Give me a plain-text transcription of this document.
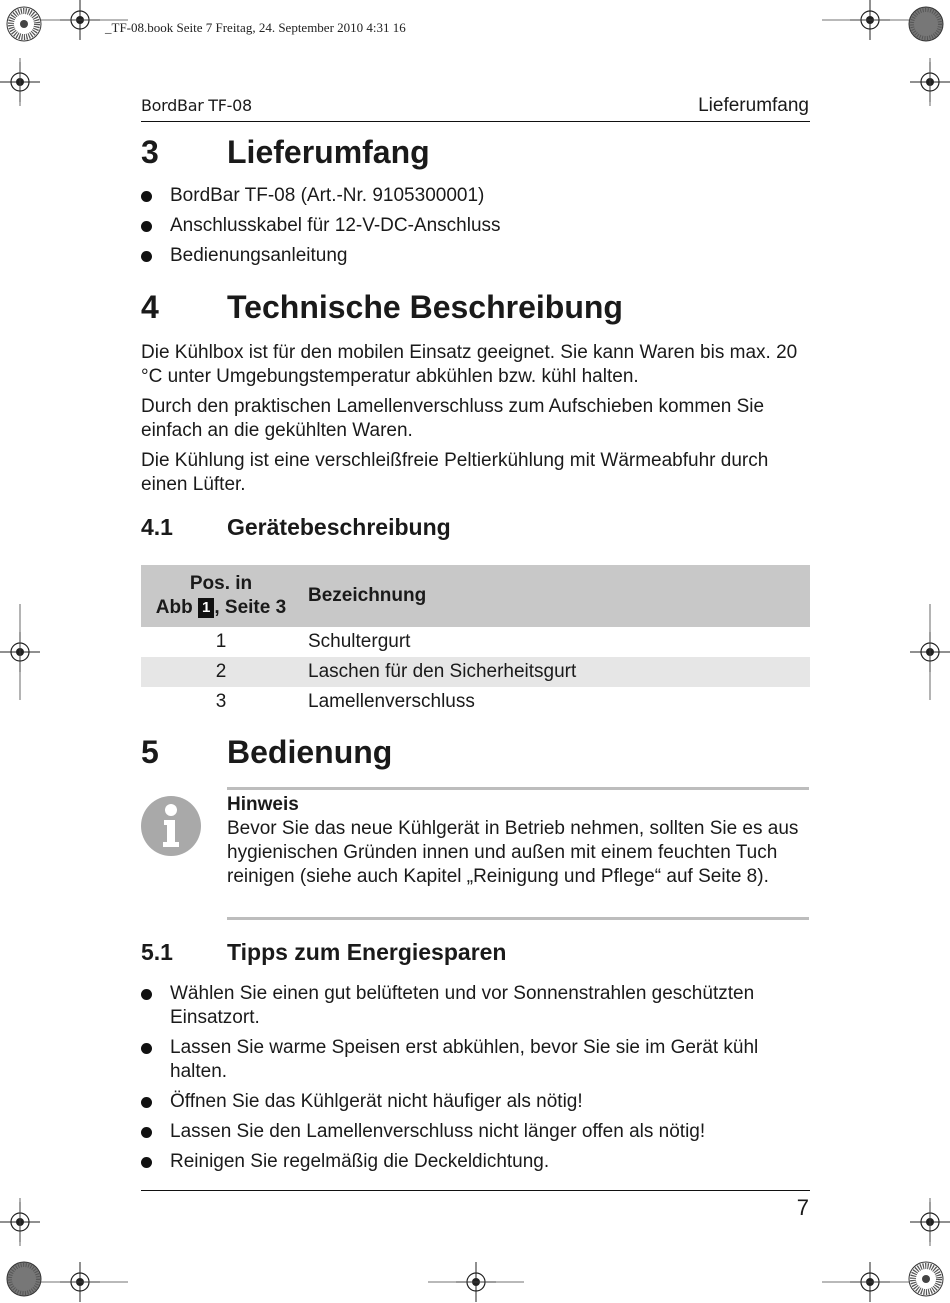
_TF-08.book Seite 7 Freitag, 24. September 2010 4:31 16
BordBar TF-08	Lieferumfang
3 Lieferumfang
BordBar TF-08 (Art.-Nr. 9105300001)
Anschlusskabel für 12-V-DC-Anschluss
Bedienungsanleitung
4 Technische Beschreibung

Die Kühlbox ist für den mobilen Einsatz geeignet. Sie kann Waren bis max. 20 °C unter Umgebungstemperatur abkühlen bzw. kühl halten.

Durch den praktischen Lamellenverschluss zum Aufschieben kommen Sie einfach an die gekühlten Waren.

Die Kühlung ist eine verschleißfreie Peltierkühlung mit Wärmeabfuhr durch einen Lüfter.

4.1 Gerätebeschreibung
Pos. in
Abb 1 , Seite 3	Bezeichnung
1	Schultergurt
2	Laschen für den Sicherheitsgurt
3	Lamellenverschluss
5 Bedienung
Hinweis
Bevor Sie das neue Kühlgerät in Betrieb nehmen, sollten Sie es aus hygienischen Gründen innen und außen mit einem feuchten Tuch reinigen (siehe auch Kapitel „Reinigung und Pflege“ auf Seite 8).
5.1 Tipps zum Energiesparen
Wählen Sie einen gut belüfteten und vor Sonnenstrahlen geschützten Einsatzort.
Lassen Sie warme Speisen erst abkühlen, bevor Sie sie im Gerät kühl halten.
Öffnen Sie das Kühlgerät nicht häufiger als nötig!
Lassen Sie den Lamellenverschluss nicht länger offen als nötig!
Reinigen Sie regelmäßig die Deckeldichtung.
7
